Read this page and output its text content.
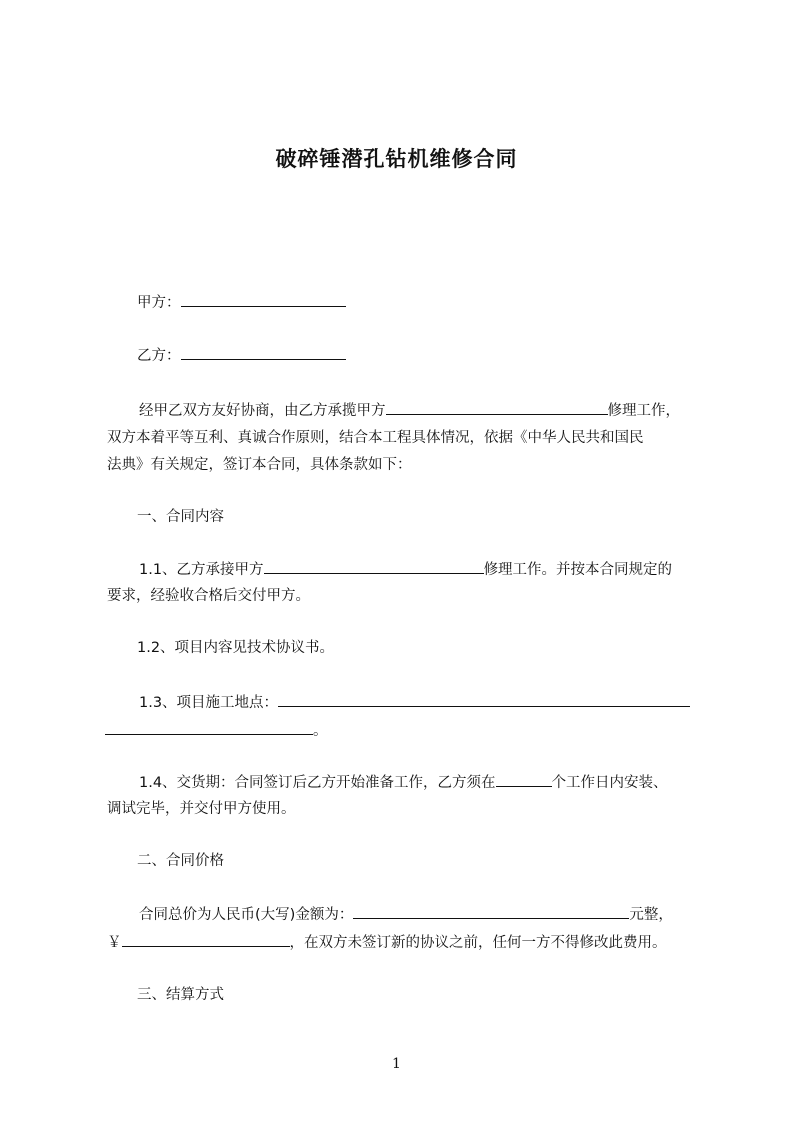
破碎锤潜孔钻机维修合同
甲方：
乙方：
经甲乙双方友好协商，由乙方承揽甲方	修理工作，
双方本着平等互利、真诚合作原则，结合本工程具体情况，依据《中华人民共和国民
法典》有关规定，签订本合同，具体条款如下：
一、合同内容
1.1、乙方承接甲方	修理工作。并按本合同规定的
要求，经验收合格后交付甲方。
1.2、项目内容见技术协议书。
1.3、项目施工地点：
。
1.4、交货期：合同签订后乙方开始准备工作，乙方须在	个工作日内安装、
调试完毕，并交付甲方使用。
二、合同价格
合同总价为人民币(大写)金额为：	元整，
￥	，在双方未签订新的协议之前，任何一方不得修改此费用。
三、结算方式
1
